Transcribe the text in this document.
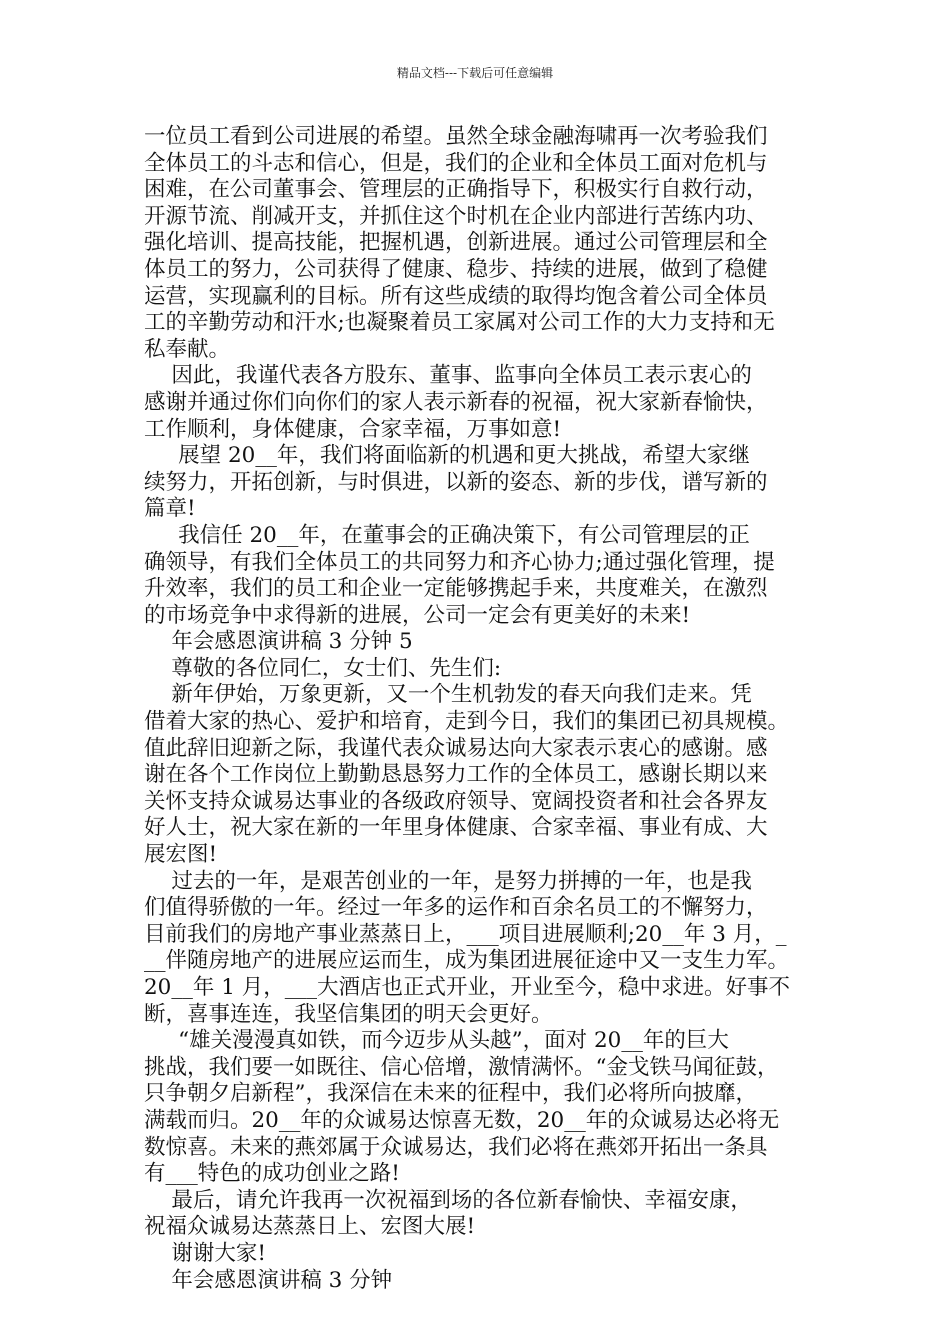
精品文档---下载后可任意编辑
一位员工看到公司进展的希望。虽然全球金融海啸再一次考验我们
全体员工的斗志和信心，但是，我们的企业和全体员工面对危机与
困难，在公司董事会、管理层的正确指导下，积极实行自救行动，
开源节流、削减开支，并抓住这个时机在企业内部进行苦练内功、
强化培训、提高技能，把握机遇，创新进展。通过公司管理层和全
体员工的努力，公司获得了健康、稳步、持续的进展，做到了稳健
运营，实现赢利的目标。所有这些成绩的取得均饱含着公司全体员
工的辛勤劳动和汗水;也凝聚着员工家属对公司工作的大力支持和无
私奉献。
因此，我谨代表各方股东、董事、监事向全体员工表示衷心的
感谢并通过你们向你们的家人表示新春的祝福，祝大家新春愉快，
工作顺利，身体健康，合家幸福，万事如意!
展望 20__年，我们将面临新的机遇和更大挑战，希望大家继
续努力，开拓创新，与时俱进，以新的姿态、新的步伐，谱写新的
篇章!
我信任 20__年，在董事会的正确决策下，有公司管理层的正
确领导，有我们全体员工的共同努力和齐心协力;通过强化管理，提
升效率，我们的员工和企业一定能够携起手来，共度难关，在激烈
的市场竞争中求得新的进展，公司一定会有更美好的未来!
年会感恩演讲稿 3 分钟 5
尊敬的各位同仁，女士们、先生们:
新年伊始，万象更新，又一个生机勃发的春天向我们走来。凭
借着大家的热心、爱护和培育，走到今日，我们的集团已初具规模。
值此辞旧迎新之际，我谨代表众诚易达向大家表示衷心的感谢。感
谢在各个工作岗位上勤勤恳恳努力工作的全体员工，感谢长期以来
关怀支持众诚易达事业的各级政府领导、宽阔投资者和社会各界友
好人士，祝大家在新的一年里身体健康、合家幸福、事业有成、大
展宏图!
过去的一年，是艰苦创业的一年，是努力拼搏的一年，也是我
们值得骄傲的一年。经过一年多的运作和百余名员工的不懈努力，
目前我们的房地产事业蒸蒸日上，___项目进展顺利;20__年 3 月，_
__伴随房地产的进展应运而生，成为集团进展征途中又一支生力军。
20__年 1 月，___大酒店也正式开业，开业至今，稳中求进。好事不
断，喜事连连，我坚信集团的明天会更好。
“雄关漫漫真如铁，而今迈步从头越”，面对 20__年的巨大
挑战，我们要一如既往、信心倍增，激情满怀。“金戈铁马闻征鼓，
只争朝夕启新程”，我深信在未来的征程中，我们必将所向披靡，
满载而归。20__年的众诚易达惊喜无数，20__年的众诚易达必将无
数惊喜。未来的燕郊属于众诚易达，我们必将在燕郊开拓出一条具
有___特色的成功创业之路!
最后，请允许我再一次祝福到场的各位新春愉快、幸福安康，
祝福众诚易达蒸蒸日上、宏图大展!
谢谢大家!
年会感恩演讲稿 3 分钟
